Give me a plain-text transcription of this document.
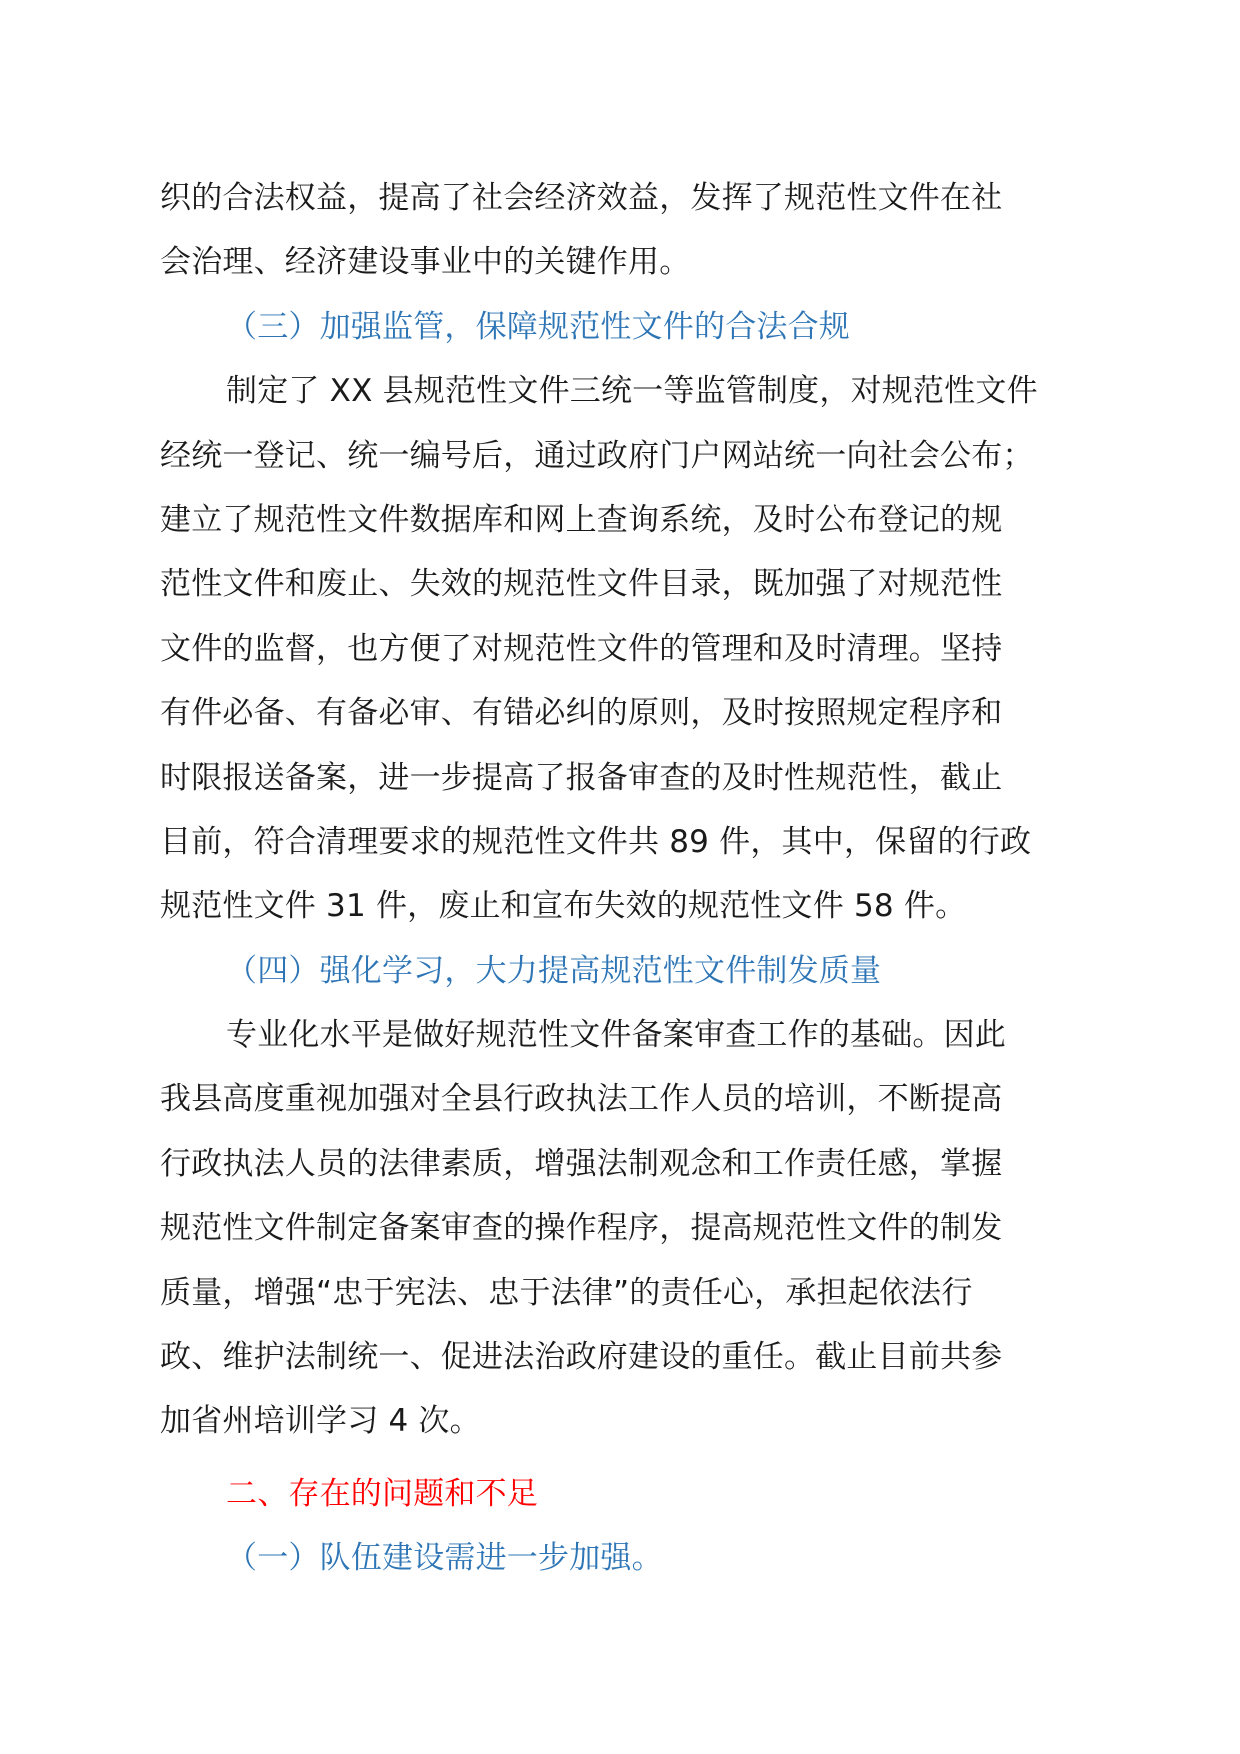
织的合法权益，提高了社会经济效益，发挥了规范性文件在社
会治理、经济建设事业中的关键作用。
（三）加强监管，保障规范性文件的合法合规
制定了 XX 县规范性文件三统一等监管制度，对规范性文件
经统一登记、统一编号后，通过政府门户网站统一向社会公布；
建立了规范性文件数据库和网上查询系统，及时公布登记的规
范性文件和废止、失效的规范性文件目录，既加强了对规范性
文件的监督，也方便了对规范性文件的管理和及时清理。坚持
有件必备、有备必审、有错必纠的原则，及时按照规定程序和
时限报送备案，进一步提高了报备审查的及时性规范性，截止
目前，符合清理要求的规范性文件共 89 件，其中，保留的行政
规范性文件 31 件，废止和宣布失效的规范性文件 58 件。
（四）强化学习，大力提高规范性文件制发质量
专业化水平是做好规范性文件备案审查工作的基础。因此
我县高度重视加强对全县行政执法工作人员的培训，不断提高
行政执法人员的法律素质，增强法制观念和工作责任感，掌握
规范性文件制定备案审查的操作程序，提高规范性文件的制发
质量，增强“忠于宪法、忠于法律”的责任心，承担起依法行
政、维护法制统一、促进法治政府建设的重任。截止目前共参
加省州培训学习 4 次。
二、存在的问题和不足
（一）队伍建设需进一步加强。
